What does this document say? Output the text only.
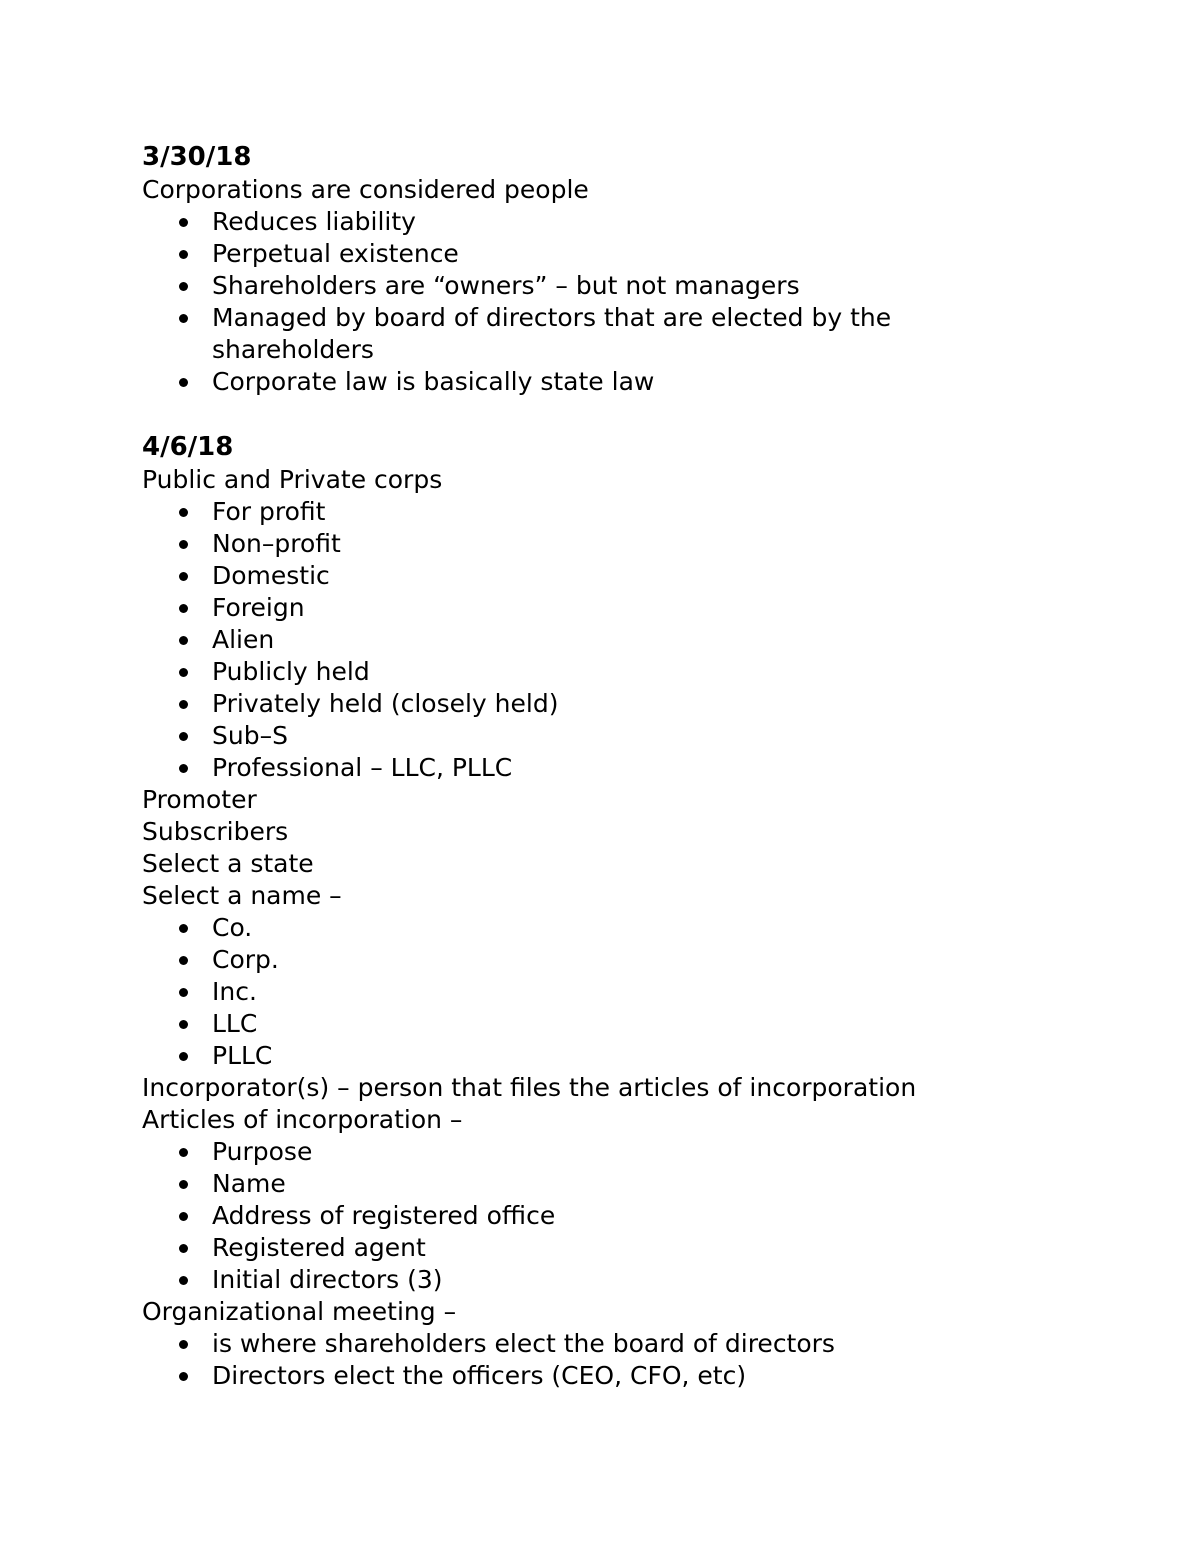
3/30/18
Corporations are considered people
Reduces liability
Perpetual existence
Shareholders are “owners” – but not managers
Managed by board of directors that are elected by the shareholders
Corporate law is basically state law
4/6/18
Public and Private corps
For profit
Non–profit
Domestic
Foreign
Alien
Publicly held
Privately held (closely held)
Sub–S
Professional – LLC, PLLC
Promoter
Subscribers
Select a state
Select a name –
Co.
Corp.
Inc.
LLC
PLLC
Incorporator(s) – person that files the articles of incorporation
Articles of incorporation –
Purpose
Name
Address of registered office
Registered agent
Initial directors (3)
Organizational meeting –
is where shareholders elect the board of directors
Directors elect the officers (CEO, CFO, etc)
